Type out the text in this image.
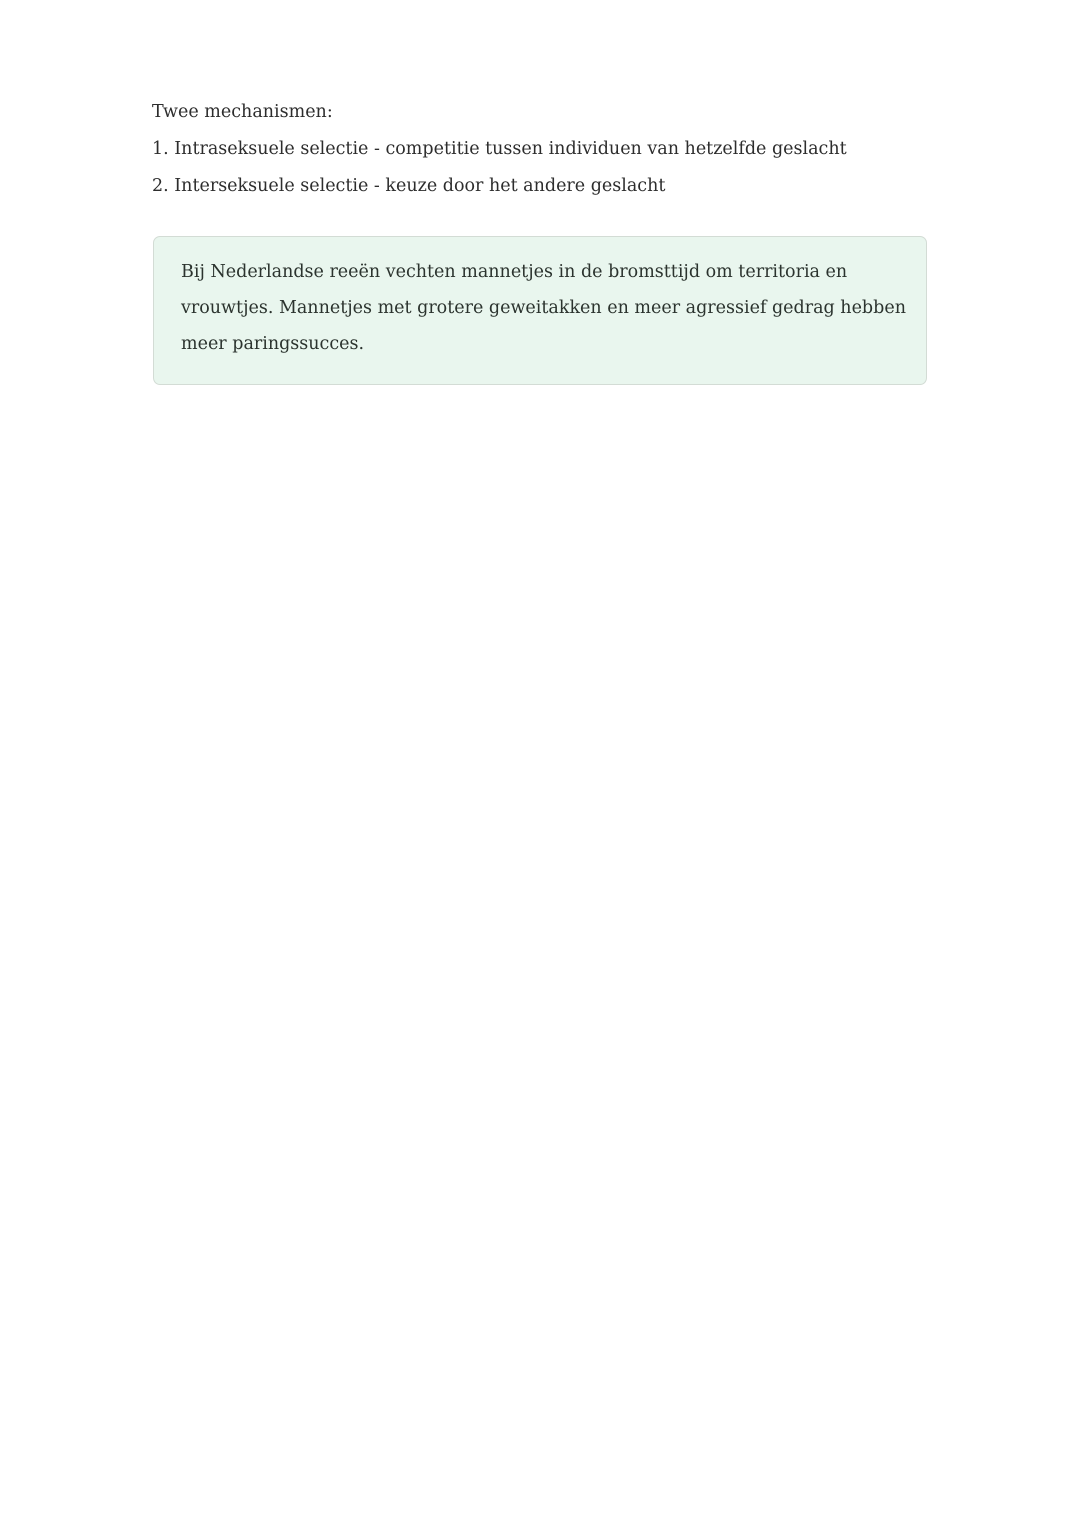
Twee mechanismen:
1. Intraseksuele selectie - competitie tussen individuen van hetzelfde geslacht
2. Interseksuele selectie - keuze door het andere geslacht
Bij Nederlandse reeën vechten mannetjes in de bromsttijd om territoria en
vrouwtjes. Mannetjes met grotere geweitakken en meer agressief gedrag hebben
meer paringssucces.
